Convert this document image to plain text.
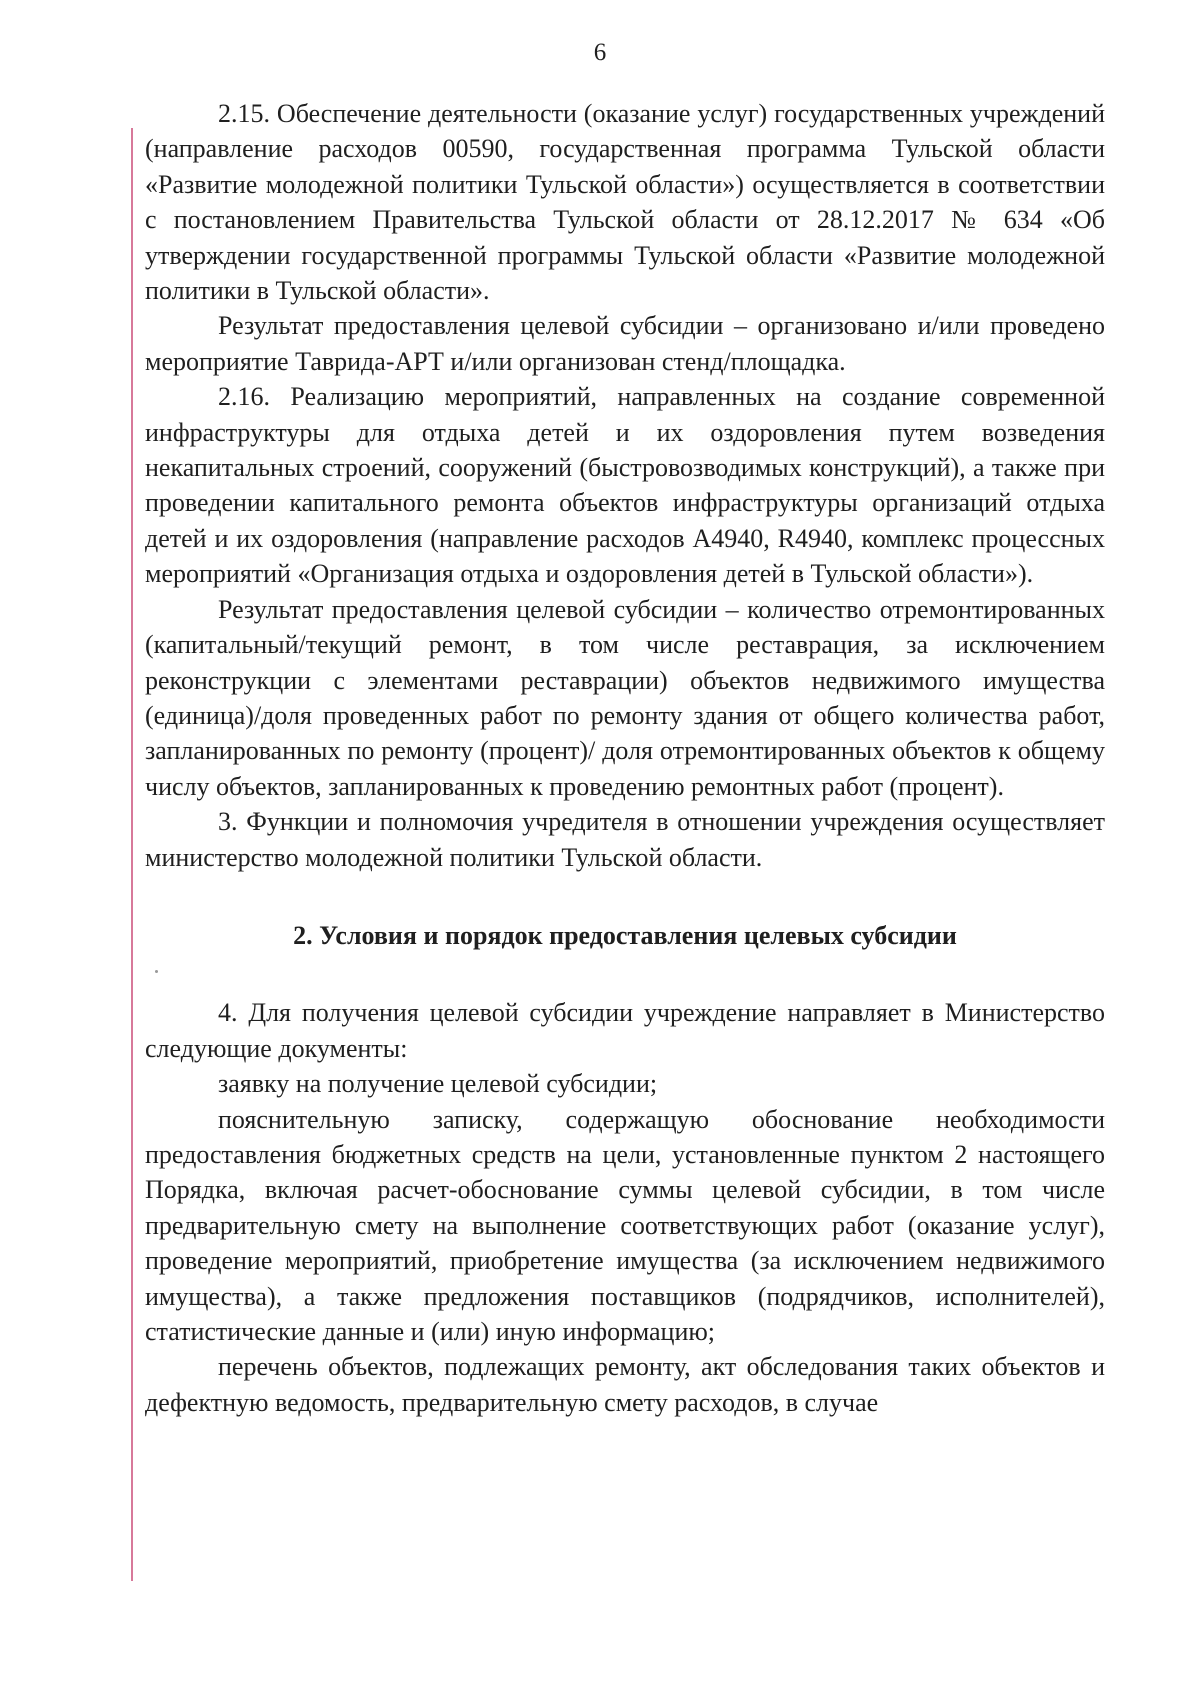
6

2.15. Обеспечение деятельности (оказание услуг) государственных учреждений (направление расходов 00590, государственная программа Тульской области «Развитие молодежной политики Тульской области») осуществляется в соответствии с постановлением Правительства Тульской области от 28.12.2017 № 634 «Об утверждении государственной программы Тульской области «Развитие молодежной политики в Тульской области».

Результат предоставления целевой субсидии – организовано и/или проведено мероприятие Таврида-АРТ и/или организован стенд/площадка.

2.16. Реализацию мероприятий, направленных на создание современной инфраструктуры для отдыха детей и их оздоровления путем возведения некапитальных строений, сооружений (быстровозводимых конструкций), а также при проведении капитального ремонта объектов инфраструктуры организаций отдыха детей и их оздоровления (направление расходов А4940, R4940, комплекс процессных мероприятий «Организация отдыха и оздоровления детей в Тульской области»).

Результат предоставления целевой субсидии – количество отремонтированных (капитальный/текущий ремонт, в том числе реставрация, за исключением реконструкции с элементами реставрации) объектов недвижимого имущества (единица)/доля проведенных работ по ремонту здания от общего количества работ, запланированных по ремонту (процент)/ доля отремонтированных объектов к общему числу объектов, запланированных к проведению ремонтных работ (процент).

3. Функции и полномочия учредителя в отношении учреждения осуществляет министерство молодежной политики Тульской области.

2. Условия и порядок предоставления целевых субсидии

4. Для получения целевой субсидии учреждение направляет в Министерство следующие документы:

заявку на получение целевой субсидии;

пояснительную записку, содержащую обоснование необходимости предоставления бюджетных средств на цели, установленные пунктом 2 настоящего Порядка, включая расчет-обоснование суммы целевой субсидии, в том числе предварительную смету на выполнение соответствующих работ (оказание услуг), проведение мероприятий, приобретение имущества (за исключением недвижимого имущества), а также предложения поставщиков (подрядчиков, исполнителей), статистические данные и (или) иную информацию;

перечень объектов, подлежащих ремонту, акт обследования таких объектов и дефектную ведомость, предварительную смету расходов, в случае
